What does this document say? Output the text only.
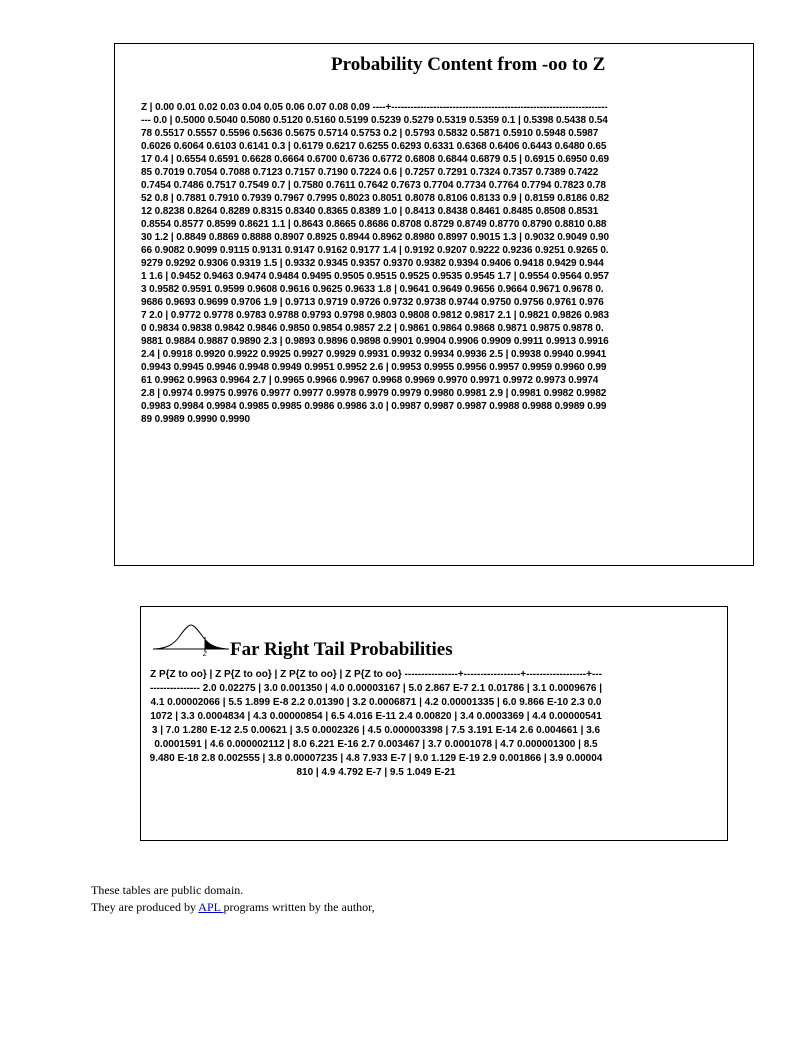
Probability Content from -oo to Z
Z | 0.00 0.01 0.02 0.03 0.04 0.05 0.06 0.07 0.08 0.09 ----+---------------------------------------------------------------------- 0.0 | 0.5000 0.5040 0.5080 0.5120 0.5160 0.5199 0.5239 0.5279 0.5319 0.5359 0.1 | 0.5398 0.5438 0.5478 0.5517 0.5557 0.5596 0.5636 0.5675 0.5714 0.5753 0.2 | 0.5793 0.5832 0.5871 0.5910 0.5948 0.5987 0.6026 0.6064 0.6103 0.6141 0.3 | 0.6179 0.6217 0.6255 0.6293 0.6331 0.6368 0.6406 0.6443 0.6480 0.6517 0.4 | 0.6554 0.6591 0.6628 0.6664 0.6700 0.6736 0.6772 0.6808 0.6844 0.6879 0.5 | 0.6915 0.6950 0.6985 0.7019 0.7054 0.7088 0.7123 0.7157 0.7190 0.7224 0.6 | 0.7257 0.7291 0.7324 0.7357 0.7389 0.7422 0.7454 0.7486 0.7517 0.7549 0.7 | 0.7580 0.7611 0.7642 0.7673 0.7704 0.7734 0.7764 0.7794 0.7823 0.7852 0.8 | 0.7881 0.7910 0.7939 0.7967 0.7995 0.8023 0.8051 0.8078 0.8106 0.8133 0.9 | 0.8159 0.8186 0.8212 0.8238 0.8264 0.8289 0.8315 0.8340 0.8365 0.8389 1.0 | 0.8413 0.8438 0.8461 0.8485 0.8508 0.8531 0.8554 0.8577 0.8599 0.8621 1.1 | 0.8643 0.8665 0.8686 0.8708 0.8729 0.8749 0.8770 0.8790 0.8810 0.8830 1.2 | 0.8849 0.8869 0.8888 0.8907 0.8925 0.8944 0.8962 0.8980 0.8997 0.9015 1.3 | 0.9032 0.9049 0.9066 0.9082 0.9099 0.9115 0.9131 0.9147 0.9162 0.9177 1.4 | 0.9192 0.9207 0.9222 0.9236 0.9251 0.9265 0.9279 0.9292 0.9306 0.9319 1.5 | 0.9332 0.9345 0.9357 0.9370 0.9382 0.9394 0.9406 0.9418 0.9429 0.9441 1.6 | 0.9452 0.9463 0.9474 0.9484 0.9495 0.9505 0.9515 0.9525 0.9535 0.9545 1.7 | 0.9554 0.9564 0.9573 0.9582 0.9591 0.9599 0.9608 0.9616 0.9625 0.9633 1.8 | 0.9641 0.9649 0.9656 0.9664 0.9671 0.9678 0.9686 0.9693 0.9699 0.9706 1.9 | 0.9713 0.9719 0.9726 0.9732 0.9738 0.9744 0.9750 0.9756 0.9761 0.9767 2.0 | 0.9772 0.9778 0.9783 0.9788 0.9793 0.9798 0.9803 0.9808 0.9812 0.9817 2.1 | 0.9821 0.9826 0.9830 0.9834 0.9838 0.9842 0.9846 0.9850 0.9854 0.9857 2.2 | 0.9861 0.9864 0.9868 0.9871 0.9875 0.9878 0.9881 0.9884 0.9887 0.9890 2.3 | 0.9893 0.9896 0.9898 0.9901 0.9904 0.9906 0.9909 0.9911 0.9913 0.9916 2.4 | 0.9918 0.9920 0.9922 0.9925 0.9927 0.9929 0.9931 0.9932 0.9934 0.9936 2.5 | 0.9938 0.9940 0.9941 0.9943 0.9945 0.9946 0.9948 0.9949 0.9951 0.9952 2.6 | 0.9953 0.9955 0.9956 0.9957 0.9959 0.9960 0.9961 0.9962 0.9963 0.9964 2.7 | 0.9965 0.9966 0.9967 0.9968 0.9969 0.9970 0.9971 0.9972 0.9973 0.9974 2.8 | 0.9974 0.9975 0.9976 0.9977 0.9977 0.9978 0.9979 0.9979 0.9980 0.9981 2.9 | 0.9981 0.9982 0.9982 0.9983 0.9984 0.9984 0.9985 0.9985 0.9986 0.9986 3.0 | 0.9987 0.9987 0.9987 0.9988 0.9988 0.9989 0.9989 0.9989 0.9990 0.9990
Z Far Right Tail Probabilities
Z P{Z to oo} | Z P{Z to oo} | Z P{Z to oo} | Z P{Z to oo} ----------------+-----------------+------------------+------------------ 2.0 0.02275 | 3.0 0.001350 | 4.0 0.00003167 | 5.0 2.867 E-7 2.1 0.01786 | 3.1 0.0009676 | 4.1 0.00002066 | 5.5 1.899 E-8 2.2 0.01390 | 3.2 0.0006871 | 4.2 0.00001335 | 6.0 9.866 E-10 2.3 0.01072 | 3.3 0.0004834 | 4.3 0.00000854 | 6.5 4.016 E-11 2.4 0.00820 | 3.4 0.0003369 | 4.4 0.000005413 | 7.0 1.280 E-12 2.5 0.00621 | 3.5 0.0002326 | 4.5 0.000003398 | 7.5 3.191 E-14 2.6 0.004661 | 3.6 0.0001591 | 4.6 0.000002112 | 8.0 6.221 E-16 2.7 0.003467 | 3.7 0.0001078 | 4.7 0.000001300 | 8.5 9.480 E-18 2.8 0.002555 | 3.8 0.00007235 | 4.8 7.933 E-7 | 9.0 1.129 E-19 2.9 0.001866 | 3.9 0.00004810 | 4.9 4.792 E-7 | 9.5 1.049 E-21
These tables are public domain.
They are produced by APL programs written by the author,
